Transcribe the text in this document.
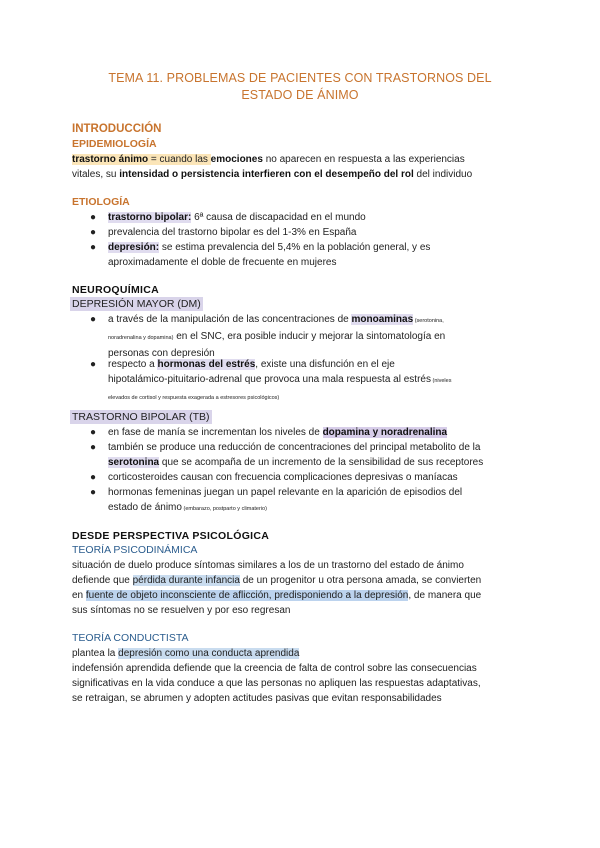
TEMA 11. PROBLEMAS DE PACIENTES CON TRASTORNOS DEL
ESTADO DE ÁNIMO
INTRODUCCIÓN
EPIDEMIOLOGÍA
trastorno ánimo = cuando las emociones no aparecen en respuesta a las experiencias
vitales, su intensidad o persistencia interfieren con el desempeño del rol del individuo
ETIOLOGÍA
●	trastorno bipolar: 6ª causa de discapacidad en el mundo
●	prevalencia del trastorno bipolar es del 1-3% en España
●	depresión: se estima prevalencia del 5,4% en la población general, y es
aproximadamente el doble de frecuente en mujeres
NEUROQUÍMICA
DEPRESIÓN MAYOR (DM)
●	a través de la manipulación de las concentraciones de monoaminas (serotonina,
noradrenalina y dopamina) en el SNC, era posible inducir y mejorar la sintomatología en
personas con depresión
●	respecto a hormonas del estrés, existe una disfunción en el eje
hipotalámico-pituitario-adrenal que provoca una mala respuesta al estrés (niveles
elevados de cortisol y respuesta exagerada a estresores psicológicos)
TRASTORNO BIPOLAR (TB)
●	en fase de manía se incrementan los niveles de dopamina y noradrenalina
●	también se produce una reducción de concentraciones del principal metabolito de la
serotonina que se acompaña de un incremento de la sensibilidad de sus receptores
●	corticosteroides causan con frecuencia complicaciones depresivas o maníacas
●	hormonas femeninas juegan un papel relevante en la aparición de episodios del
estado de ánimo (embarazo, postparto y climaterio)
DESDE PERSPECTIVA PSICOLÓGICA
TEORÍA PSICODINÁMICA
situación de duelo produce síntomas similares a los de un trastorno del estado de ánimo
defiende que pérdida durante infancia de un progenitor u otra persona amada, se convierten
en fuente de objeto inconsciente de aflicción, predisponiendo a la depresión, de manera que
sus síntomas no se resuelven y por eso regresan
TEORÍA CONDUCTISTA
plantea la depresión como una conducta aprendida
indefensión aprendida defiende que la creencia de falta de control sobre las consecuencias
significativas en la vida conduce a que las personas no apliquen las respuestas adaptativas,
se retraigan, se abrumen y adopten actitudes pasivas que evitan responsabilidades
